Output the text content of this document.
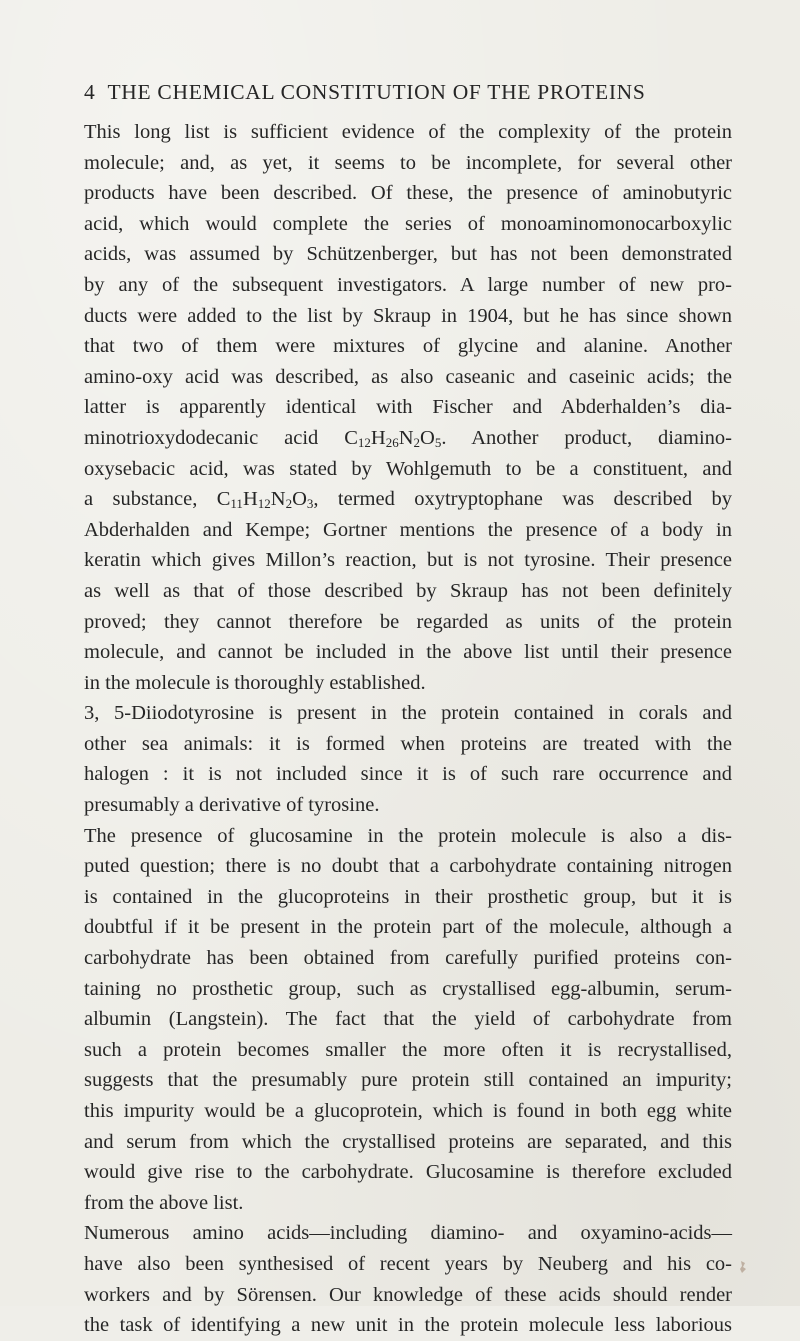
4 THE CHEMICAL CONSTITUTION OF THE PROTEINS
This long list is sufficient evidence of the complexity of the protein
molecule; and, as yet, it seems to be incomplete, for several other
products have been described. Of these, the presence of aminobutyric
acid, which would complete the series of monoaminomonocarboxylic
acids, was assumed by Schützenberger, but has not been demonstrated
by any of the subsequent investigators. A large number of new pro-
ducts were added to the list by Skraup in 1904, but he has since shown
that two of them were mixtures of glycine and alanine. Another
amino-oxy acid was described, as also caseanic and caseinic acids; the
latter is apparently identical with Fischer and Abderhalden’s dia-
minotrioxydodecanic acid $C_{12}H_{26}N_2O_5$. Another product, diamino-
oxysebacic acid, was stated by Wohlgemuth to be a constituent, and
a substance, $C_{11}H_{12}N_2O_3$, termed oxytryptophane was described by
Abderhalden and Kempe; Gortner mentions the presence of a body in
keratin which gives Millon’s reaction, but is not tyrosine. Their presence
as well as that of those described by Skraup has not been definitely
proved; they cannot therefore be regarded as units of the protein
molecule, and cannot be included in the above list until their presence
in the molecule is thoroughly established.
3, 5-Diiodotyrosine is present in the protein contained in corals and
other sea animals: it is formed when proteins are treated with the
halogen : it is not included since it is of such rare occurrence and
presumably a derivative of tyrosine.
The presence of glucosamine in the protein molecule is also a dis-
puted question; there is no doubt that a carbohydrate containing nitrogen
is contained in the glucoproteins in their prosthetic group, but it is
doubtful if it be present in the protein part of the molecule, although a
carbohydrate has been obtained from carefully purified proteins con-
taining no prosthetic group, such as crystallised egg-albumin, serum-
albumin (Langstein). The fact that the yield of carbohydrate from
such a protein becomes smaller the more often it is recrystallised,
suggests that the presumably pure protein still contained an impurity;
this impurity would be a glucoprotein, which is found in both egg white
and serum from which the crystallised proteins are separated, and this
would give rise to the carbohydrate. Glucosamine is therefore excluded
from the above list.
Numerous amino acids—including diamino- and oxyamino-acids—
have also been synthesised of recent years by Neuberg and his co-
workers and by Sörensen. Our knowledge of these acids should render
the task of identifying a new unit in the protein molecule less laborious
